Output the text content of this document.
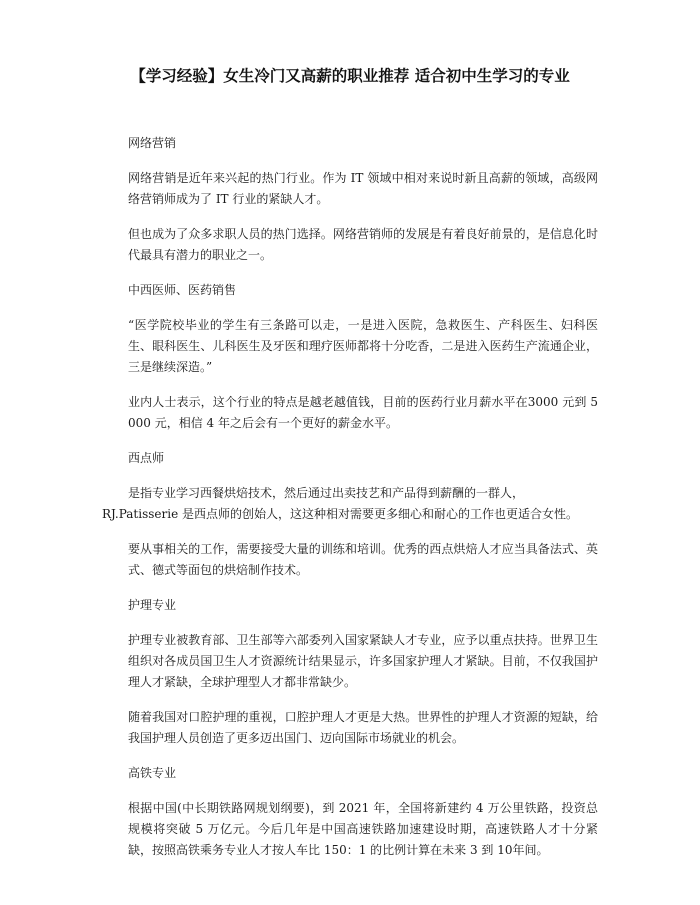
【学习经验】女生冷门又高薪的职业推荐 适合初中生学习的专业
网络营销
网络营销是近年来兴起的热门行业。作为 IT 领域中相对来说时新且高薪的领域，高级网络营销师成为了 IT 行业的紧缺人才。
但也成为了众多求职人员的热门选择。网络营销师的发展是有着良好前景的，是信息化时代最具有潜力的职业之一。
中西医师、医药销售
“医学院校毕业的学生有三条路可以走，一是进入医院，急救医生、产科医生、妇科医生、眼科医生、儿科医生及牙医和理疗医师都将十分吃香，二是进入医药生产流通企业，三是继续深造。”
业内人士表示，这个行业的特点是越老越值钱，目前的医药行业月薪水平在3000 元到 5000 元，相信 4 年之后会有一个更好的薪金水平。
西点师
是指专业学习西餐烘焙技术，然后通过出卖技艺和产品得到薪酬的一群人，
RJ.Patisserie 是西点师的创始人，这这种相对需要更多细心和耐心的工作也更适合女性。
要从事相关的工作，需要接受大量的训练和培训。优秀的西点烘焙人才应当具备法式、英式、德式等面包的烘焙制作技术。
护理专业
护理专业被教育部、卫生部等六部委列入国家紧缺人才专业，应予以重点扶持。世界卫生组织对各成员国卫生人才资源统计结果显示，许多国家护理人才紧缺。目前，不仅我国护理人才紧缺，全球护理型人才都非常缺少。
随着我国对口腔护理的重视，口腔护理人才更是大热。世界性的护理人才资源的短缺，给我国护理人员创造了更多迈出国门、迈向国际市场就业的机会。
高铁专业
根据中国(中长期铁路网规划纲要)，到 2021 年，全国将新建约 4 万公里铁路，投资总规模将突破 5 万亿元。今后几年是中国高速铁路加速建设时期，高速铁路人才十分紧缺，按照高铁乘务专业人才按人车比 150：1 的比例计算在未来 3 到 10年间。
